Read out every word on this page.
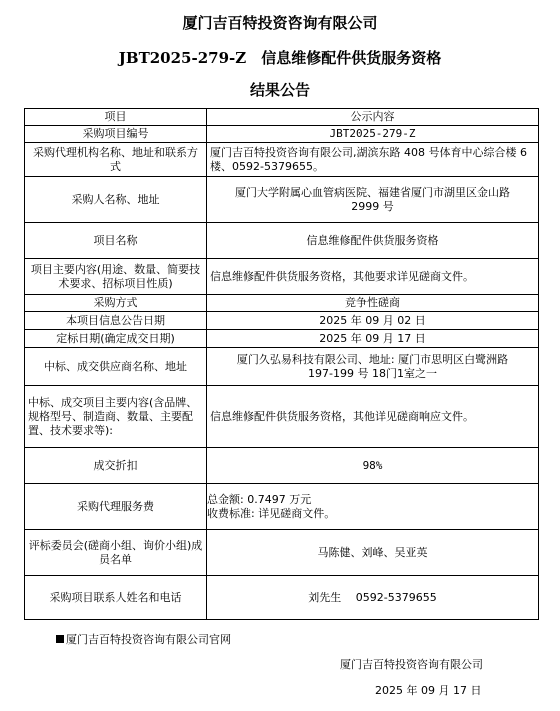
厦门吉百特投资咨询有限公司
JBT2025-279-Z　信息维修配件供货服务资格
结果公告
项目	公示内容
采购项目编号	JBT2025-279-Z
采购代理机构名称、地址和联系方式	厦门吉百特投资咨询有限公司,湖滨东路 408 号体育中心综合楼 6 楼、0592-5379655。
采购人名称、地址	厦门大学附属心血管病医院、福建省厦门市湖里区金山路
2999 号

项目名称	信息维修配件供货服务资格
项目主要内容(用途、数量、简要技术要求、招标项目性质)	信息维修配件供货服务资格，其他要求详见磋商文件。
采购方式	竞争性磋商
本项目信息公告日期	2025 年 09 月 02 日
定标日期(确定成交日期)	2025 年 09 月 17 日
中标、成交供应商名称、地址	厦门久弘易科技有限公司、地址: 厦门市思明区白鹭洲路
197-199 号 18门1室之一

中标、成交项目主要内容(含品牌、规格型号、制造商、数量、主要配置、技术要求等):	信息维修配件供货服务资格，其他详见磋商响应文件。
成交折扣	98%
采购代理服务费	总金额: 0.7497 万元
收费标准: 详见磋商文件。

评标委员会(磋商小组、询价小组)成员名单	马陈健、刘峰、吴亚英
采购项目联系人姓名和电话	刘先生　 0592-5379655
厦门吉百特投资咨询有限公司官网
厦门吉百特投资咨询有限公司
2025 年 09 月 17 日
